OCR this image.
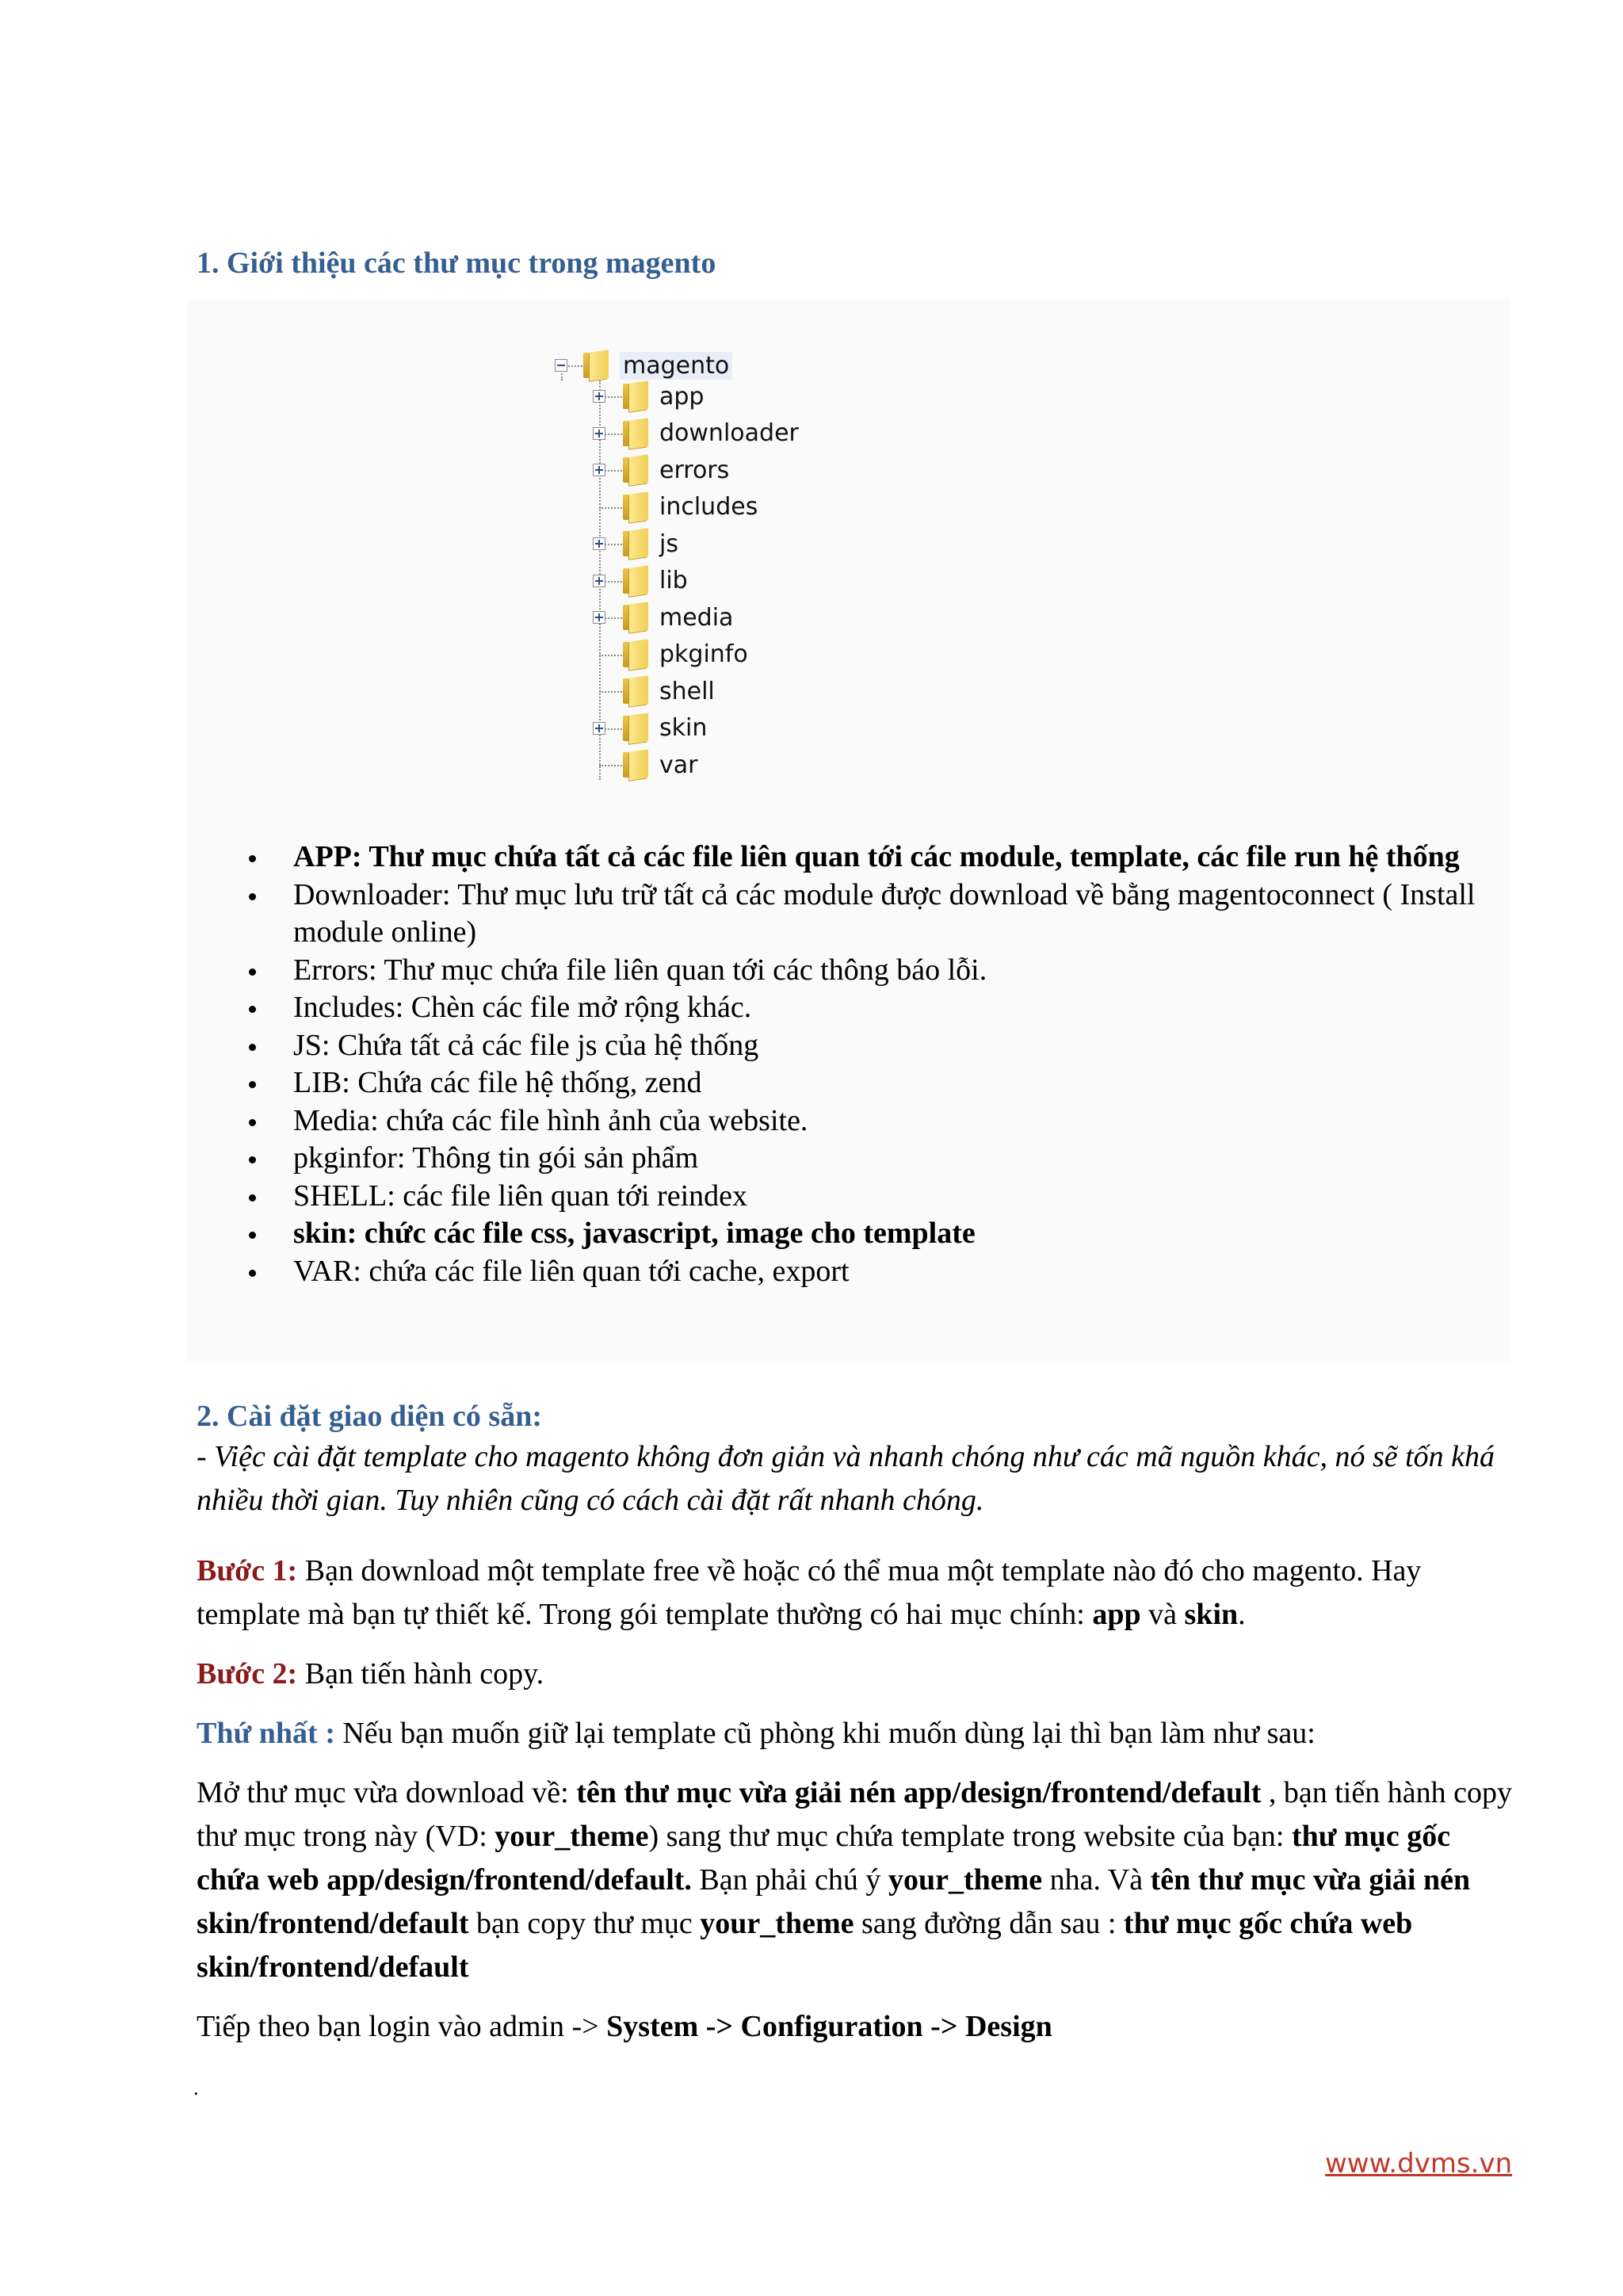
1. Giới thiệu các thư mục trong magento
magento
app
downloader
errors
includes
js
lib
media
pkginfo
shell
skin
var
APP: Thư mục chứa tất cả các file liên quan tới các module, template, các file run hệ thống
Downloader: Thư mục lưu trữ tất cả các module được download về bằng magentoconnect ( Install module online)
Errors: Thư mục chứa file liên quan tới các thông báo lỗi.
Includes: Chèn các file mở rộng khác.
JS: Chứa tất cả các file js của hệ thống
LIB: Chứa các file hệ thống, zend
Media: chứa các file hình ảnh của website.
pkginfor: Thông tin gói sản phẩm
SHELL: các file liên quan tới reindex
skin: chức các file css, javascript, image cho template
VAR: chứa các file liên quan tới cache, export
2. Cài đặt giao diện có sẵn:

- Việc cài đặt template cho magento không đơn giản và nhanh chóng như các mã nguồn khác, nó sẽ tốn khá nhiều thời gian. Tuy nhiên cũng có cách cài đặt rất nhanh chóng.

Bước 1: Bạn download một template free về hoặc có thể mua một template nào đó cho magento. Hay template mà bạn tự thiết kế. Trong gói template thường có hai mục chính: app và skin.

Bước 2: Bạn tiến hành copy.

Thứ nhất : Nếu bạn muốn giữ lại template cũ phòng khi muốn dùng lại thì bạn làm như sau:

Mở thư mục vừa download về: tên thư mục vừa giải nén app/design/frontend/default , bạn tiến hành copy thư mục trong này (VD: your_theme) sang thư mục chứa template trong website của bạn: thư mục gốc chứa web app/design/frontend/default. Bạn phải chú ý your_theme nha. Và tên thư mục vừa giải nén skin/frontend/default bạn copy thư mục your_theme sang đường dẫn sau : thư mục gốc chứa web skin/frontend/default

Tiếp theo bạn login vào admin -> System -> Configuration -> Design

.
www.dvms.vn
